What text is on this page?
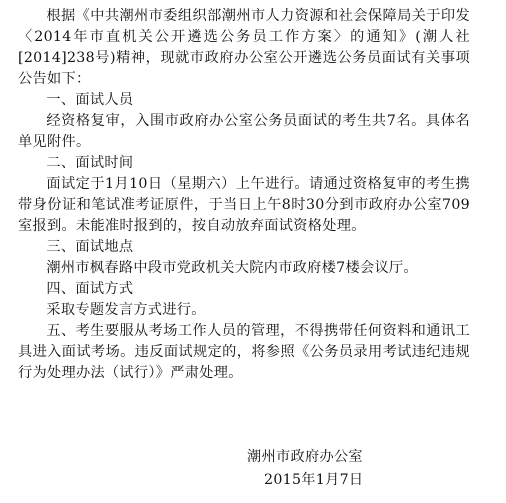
根据《中共潮州市委组织部潮州市人力资源和社会保障局关于印发〈2014年市直机关公开遴选公务员工作方案〉的通知》(潮人社[2014]238号)精神，现就市政府办公室公开遴选公务员面试有关事项公告如下：

一、面试人员

经资格复审，入围市政府办公室公务员面试的考生共7名。具体名单见附件。

二、面试时间

面试定于1月10日（星期六）上午进行。请通过资格复审的考生携带身份证和笔试准考证原件，于当日上午8时30分到市政府办公室709室报到。未能准时报到的，按自动放弃面试资格处理。

三、面试地点

潮州市枫春路中段市党政机关大院内市政府楼7楼会议厅。

四、面试方式

采取专题发言方式进行。

五、考生要服从考场工作人员的管理，不得携带任何资料和通讯工具进入面试考场。违反面试规定的，将参照《公务员录用考试违纪违规行为处理办法（试行）》严肃处理。

潮州市政府办公室
2015年1月7日
